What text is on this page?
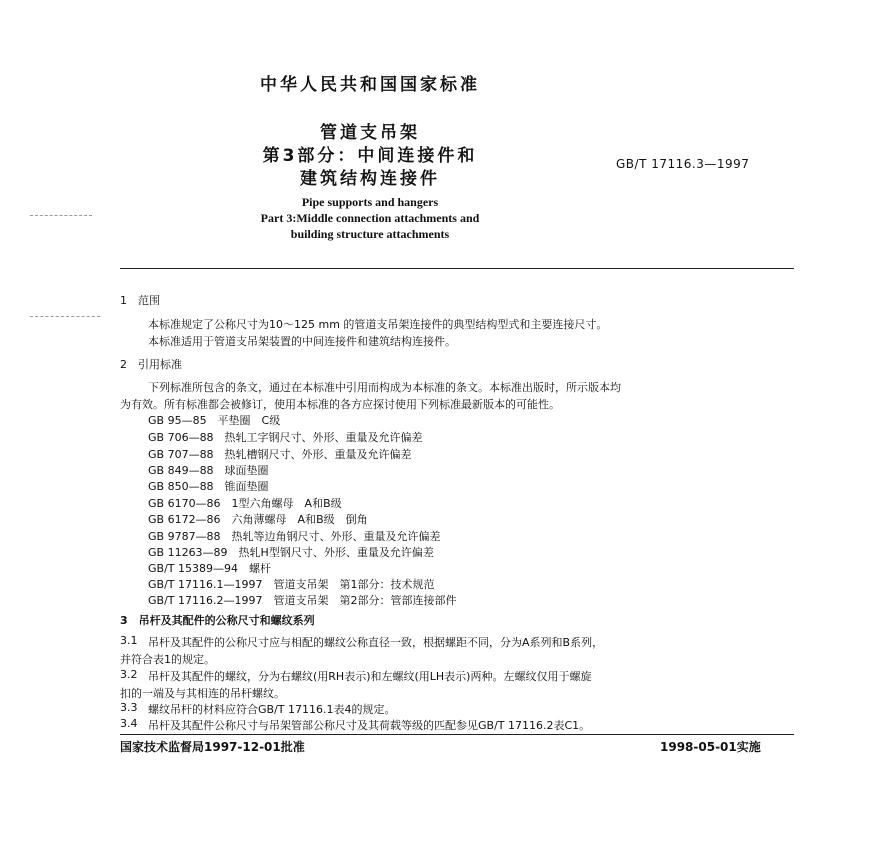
中华人民共和国国家标准
管道支吊架
第3部分：中间连接件和
建筑结构连接件
GB/T 17116.3—1997
Pipe supports and hangers
Part 3:Middle connection attachments and
building structure attachments
1　范围
本标准规定了公称尺寸为10～125 mm 的管道支吊架连接件的典型结构型式和主要连接尺寸。
本标准适用于管道支吊架装置的中间连接件和建筑结构连接件。
2　引用标准
下列标准所包含的条文，通过在本标准中引用而构成为本标准的条文。本标准出版时，所示版本均
为有效。所有标准都会被修订，使用本标准的各方应探讨使用下列标准最新版本的可能性。
GB 95—85　平垫圈　C级
GB 706—88　热轧工字钢尺寸、外形、重量及允许偏差
GB 707—88　热轧槽钢尺寸、外形、重量及允许偏差
GB 849—88　球面垫圈
GB 850—88　锥面垫圈
GB 6170—86　1型六角螺母　A和B级
GB 6172—86　六角薄螺母　A和B级　倒角
GB 9787—88　热轧等边角钢尺寸、外形、重量及允许偏差
GB 11263—89　热轧H型钢尺寸、外形、重量及允许偏差
GB/T 15389—94　螺杆
GB/T 17116.1—1997　管道支吊架　第1部分：技术规范
GB/T 17116.2—1997　管道支吊架　第2部分：管部连接部件
3　吊杆及其配件的公称尺寸和螺纹系列
3.1 吊杆及其配件的公称尺寸应与相配的螺纹公称直径一致，根据螺距不同，分为A系列和B系列，
并符合表1的规定。
3.2 吊杆及其配件的螺纹，分为右螺纹(用RH表示)和左螺纹(用LH表示)两种。左螺纹仅用于螺旋
扣的一端及与其相连的吊杆螺纹。
3.3 螺纹吊杆的材料应符合GB/T 17116.1表4的规定。
3.4 吊杆及其配件公称尺寸与吊架管部公称尺寸及其荷载等级的匹配参见GB/T 17116.2表C1。
国家技术监督局1997-12-01批准	1998-05-01实施
